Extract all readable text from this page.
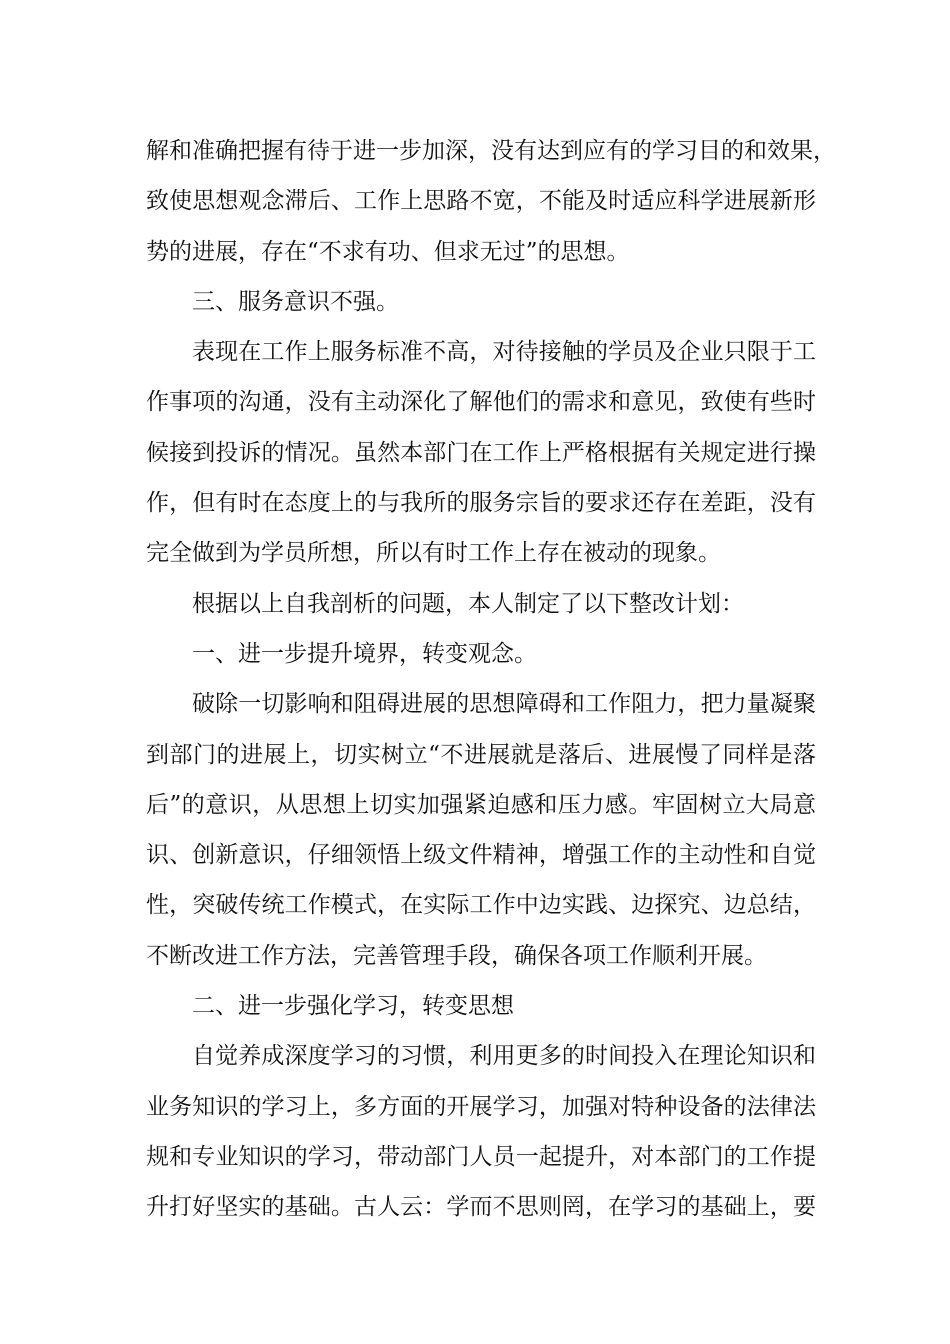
解和准确把握有待于进一步加深，没有达到应有的学习目的和效果，
致使思想观念滞后、工作上思路不宽，不能及时适应科学进展新形
势的进展，存在“不求有功、但求无过”的思想。
三、服务意识不强。
表现在工作上服务标准不高，对待接触的学员及企业只限于工
作事项的沟通，没有主动深化了解他们的需求和意见，致使有些时
候接到投诉的情况。虽然本部门在工作上严格根据有关规定进行操
作，但有时在态度上的与我所的服务宗旨的要求还存在差距，没有
完全做到为学员所想，所以有时工作上存在被动的现象。
根据以上自我剖析的问题，本人制定了以下整改计划：
一、进一步提升境界，转变观念。
破除一切影响和阻碍进展的思想障碍和工作阻力，把力量凝聚
到部门的进展上，切实树立“不进展就是落后、进展慢了同样是落
后”的意识，从思想上切实加强紧迫感和压力感。牢固树立大局意
识、创新意识，仔细领悟上级文件精神，增强工作的主动性和自觉
性，突破传统工作模式，在实际工作中边实践、边探究、边总结，
不断改进工作方法，完善管理手段，确保各项工作顺利开展。
二、进一步强化学习，转变思想
自觉养成深度学习的习惯，利用更多的时间投入在理论知识和
业务知识的学习上，多方面的开展学习，加强对特种设备的法律法
规和专业知识的学习，带动部门人员一起提升，对本部门的工作提
升打好坚实的基础。古人云：学而不思则罔，在学习的基础上，要
